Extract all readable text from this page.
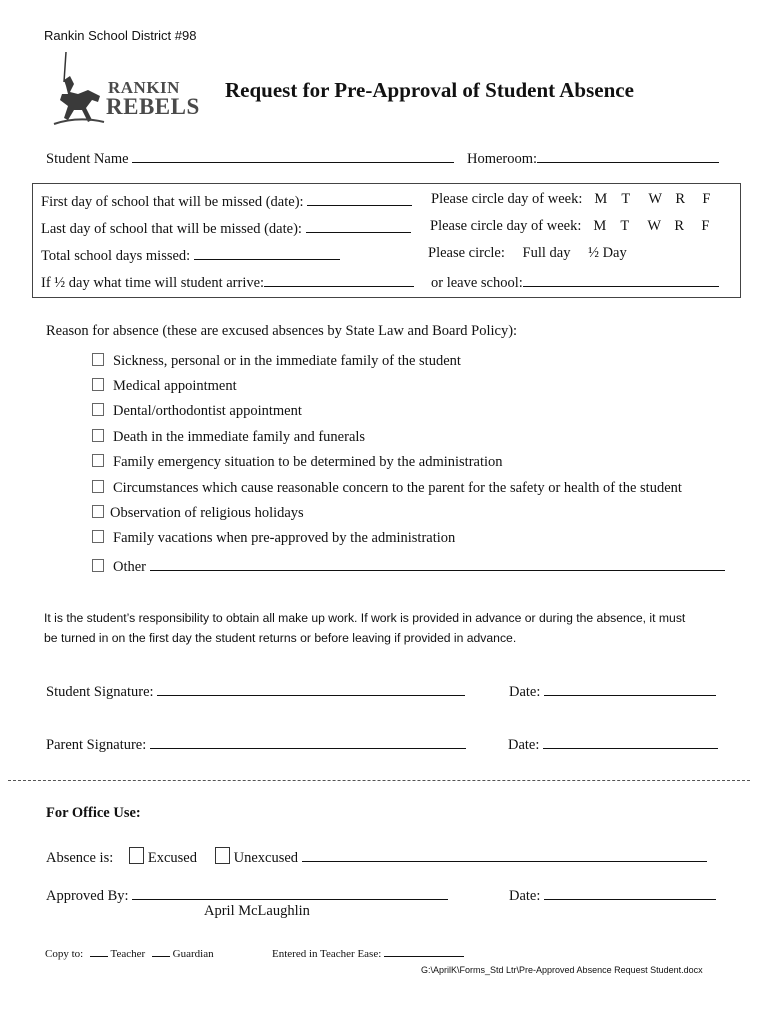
Rankin School District #98
RANKIN
REBELS
Request for Pre-Approval of Student Absence
Student Name	Homeroom:
First day of school that will be missed (date):	Please circle day of week: M T W R F
Last day of school that will be missed (date):	Please circle day of week: M T W R F
Total school days missed:	Please circle: Full day ½ Day
If ½ day what time will student arrive:	or leave school:
Reason for absence (these are excused absences by State Law and Board Policy):
Sickness, personal or in the immediate family of the student
Medical appointment
Dental/orthodontist appointment
Death in the immediate family and funerals
Family emergency situation to be determined by the administration
Circumstances which cause reasonable concern to the parent for the safety or health of the student
Observation of religious holidays
Family vacations when pre-approved by the administration
Other
It is the student’s responsibility to obtain all make up work. If work is provided in advance or during the absence, it must
be turned in on the first day the student returns or before leaving if provided in advance.
Student Signature:	Date:
Parent Signature:	Date:
For Office Use:
Absence is: Excused	Unexcused
Approved By:	Date:
April McLaughlin
Copy to: Teacher	Guardian	Entered in Teacher Ease:
G:\AprilK\Forms_Std Ltr\Pre-Approved Absence Request Student.docx
